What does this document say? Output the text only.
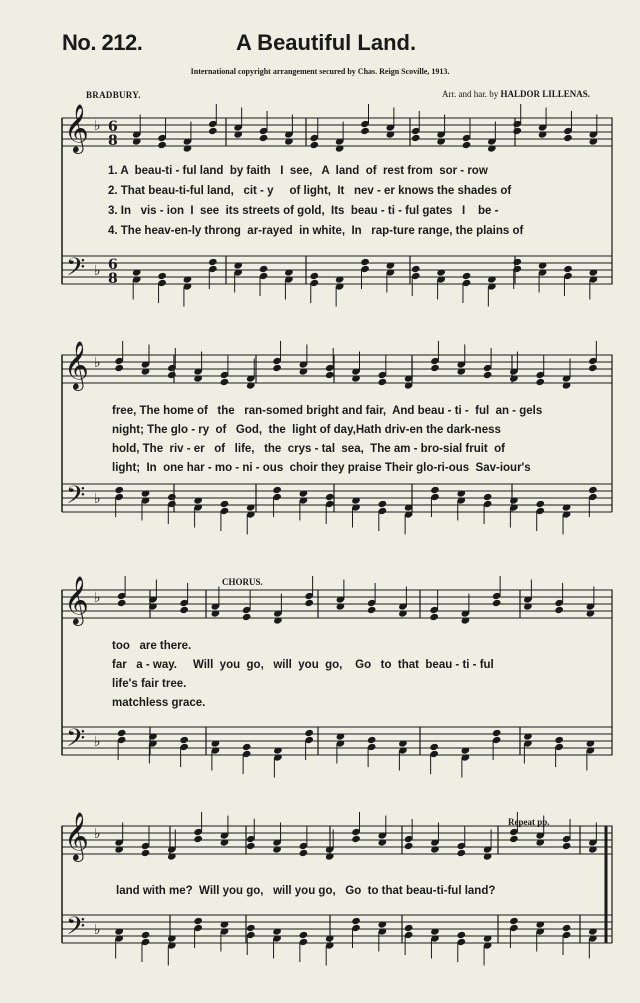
No. 212.	A Beautiful Land.
International copyright arrangement secured by Chas. Reign Scoville, 1913.
BRADBURY.	Arr. and har. by HALDOR LILLENAS.
𝄞
𝄢
♭
♭
6
8
6
8
𝄞
𝄢
♭
♭
𝄞
𝄢
♭
♭
𝄞
𝄢
♭
♭
1. A  beau-ti - ful land  by faith   I  see,   A  land  of  rest from  sor - row
2. That beau-ti-ful land,   cit - y     of light,  It   nev - er knows the shades of
3. In   vis - ion  I  see  its streets of gold,  Its  beau - ti - ful gates   I    be -
4. The heav-en-ly throng  ar-rayed  in white,  In   rap-ture range, the plains of
free, The home of   the   ran-somed bright and fair,  And beau - ti -  ful  an - gels
night; The glo - ry  of   God,  the  light of day,Hath driv-en the dark-ness
hold, The  riv - er   of   life,   the  crys - tal  sea,  The am - bro-sial fruit  of
light;  In  one har - mo - ni - ous  choir they praise Their glo-ri-ous  Sav-iour's
CHORUS.
too   are there.
far   a - way.     Will  you  go,   will  you  go,    Go   to  that  beau - ti - ful
life's fair tree.
matchless grace.
Repeat pp.
land with me?  Will you go,   will you go,   Go  to that beau-ti-ful land?
